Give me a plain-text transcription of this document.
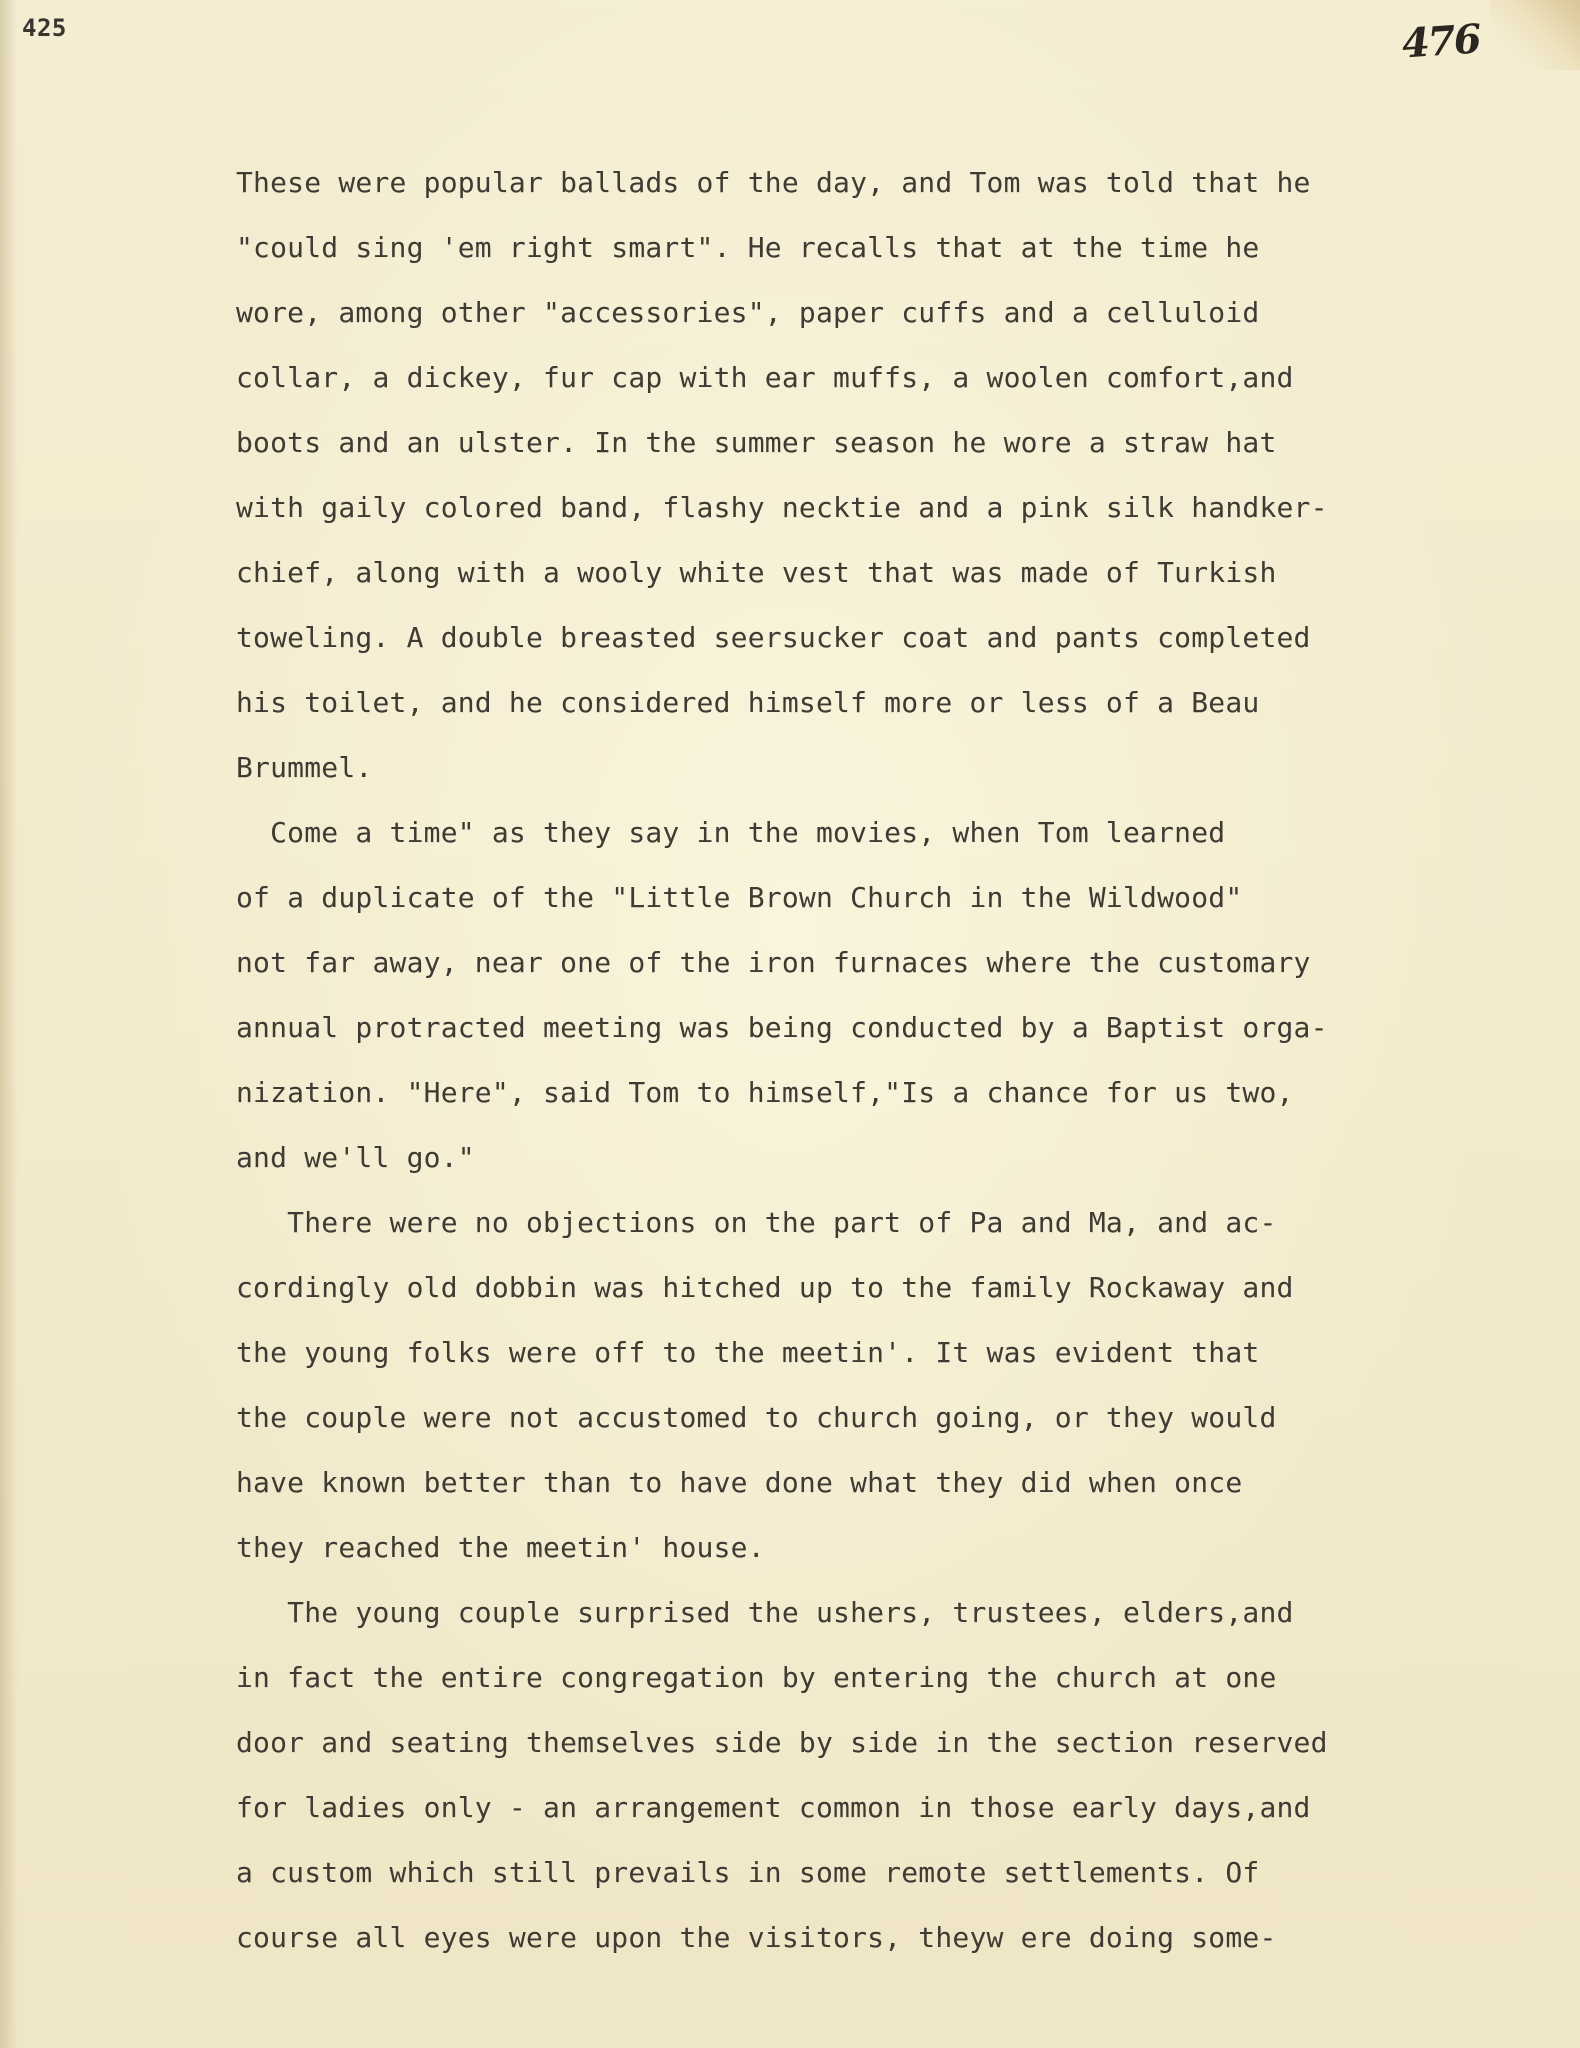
425	476
These were popular ballads of the day, and Tom was told that he
"could sing 'em right smart". He recalls that at the time he
wore, among other "accessories", paper cuffs and a celluloid
collar, a dickey, fur cap with ear muffs, a woolen comfort,and
boots and an ulster. In the summer season he wore a straw hat
with gaily colored band, flashy necktie and a pink silk handker-
chief, along with a wooly white vest that was made of Turkish
toweling. A double breasted seersucker coat and pants completed
his toilet, and he considered himself more or less of a Beau
Brummel.
Come a time" as they say in the movies, when Tom learned
of a duplicate of the "Little Brown Church in the Wildwood"
not far away, near one of the iron furnaces where the customary
annual protracted meeting was being conducted by a Baptist orga-
nization. "Here", said Tom to himself,"Is a chance for us two,
and we'll go."
There were no objections on the part of Pa and Ma, and ac-
cordingly old dobbin was hitched up to the family Rockaway and
the young folks were off to the meetin'. It was evident that
the couple were not accustomed to church going, or they would
have known better than to have done what they did when once
they reached the meetin' house.
The young couple surprised the ushers, trustees, elders,and
in fact the entire congregation by entering the church at one
door and seating themselves side by side in the section reserved
for ladies only - an arrangement common in those early days,and
a custom which still prevails in some remote settlements. Of
course all eyes were upon the visitors, theyw ere doing some-
